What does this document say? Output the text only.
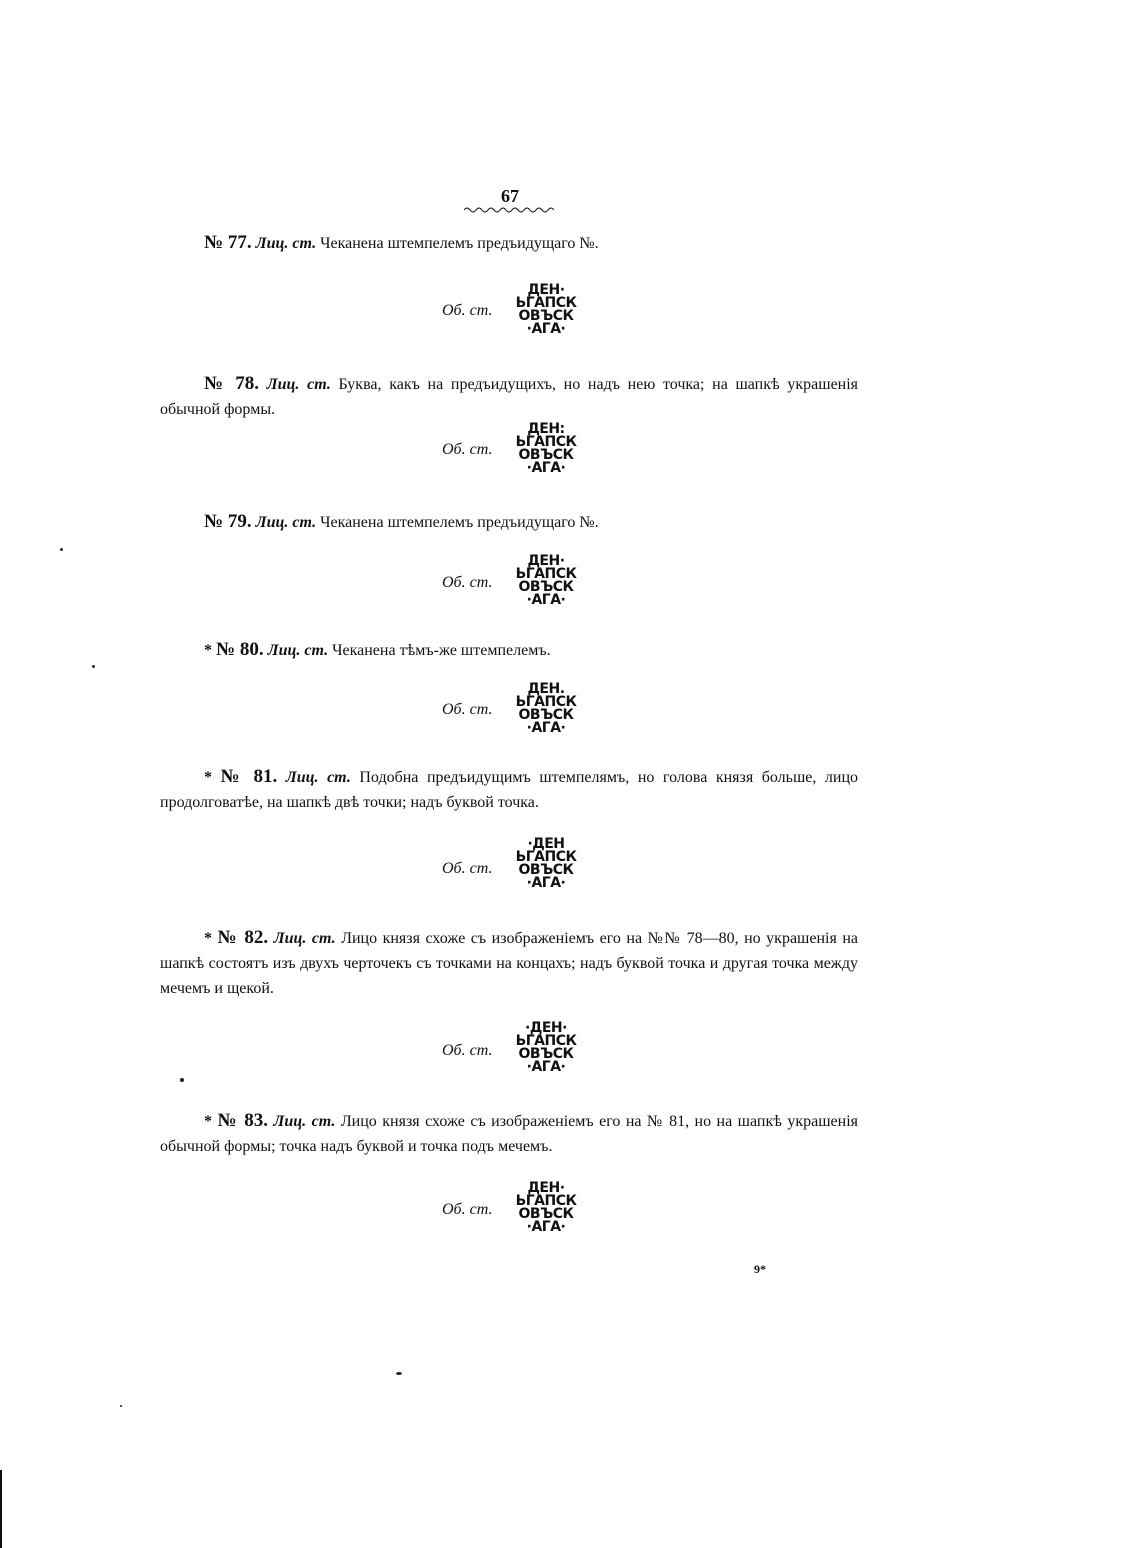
67
№ 77. Лиц. ст. Чеканена штемпелемъ предъидущаго №.
Об. ст.
ДЕН·
ЬГАПСК
ОВЪСК
·АГА·
№ 78. Лиц. ст. Буква, какъ на предъидущихъ, но надъ нею точка; на шапкѣ украшенія обычной формы.
Об. ст.
ДЕН:
ЬГАПСК
ОВЪСК
·АГА·
№ 79. Лиц. ст. Чеканена штемпелемъ предъидущаго №.
Об. ст.
ДЕН·
ЬГАПСК
ОВЪСК
·АГА·
* № 80. Лиц. ст. Чеканена тѣмъ-же штемпелемъ.
Об. ст.
ДЕН.
ЬГАПСК
ОВЪСК
·АГА·
* № 81. Лиц. ст. Подобна предъидущимъ штемпелямъ, но голова князя больше, лицо продолговатѣе, на шапкѣ двѣ точки; надъ буквой точка.
Об. ст.
·ДЕН
ЬГАПСК
ОВЪСК
·АГА·
* № 82. Лиц. ст. Лицо князя схоже съ изображеніемъ его на №№ 78—80, но украшенія на шапкѣ состоятъ изъ двухъ черточекъ съ точками на концахъ; надъ буквой точка и другая точка между мечемъ и щекой.
Об. ст.
·ДЕН·
ЬГАПСК
ОВЪСК
·АГА·
* № 83. Лиц. ст. Лицо князя схоже съ изображеніемъ его на № 81, но на шапкѣ украшенія обычной формы; точка надъ буквой и точка подъ мечемъ.
Об. ст.
ДЕН·
ЬГАПСК
ОВЪСК
·АГА·
9*
